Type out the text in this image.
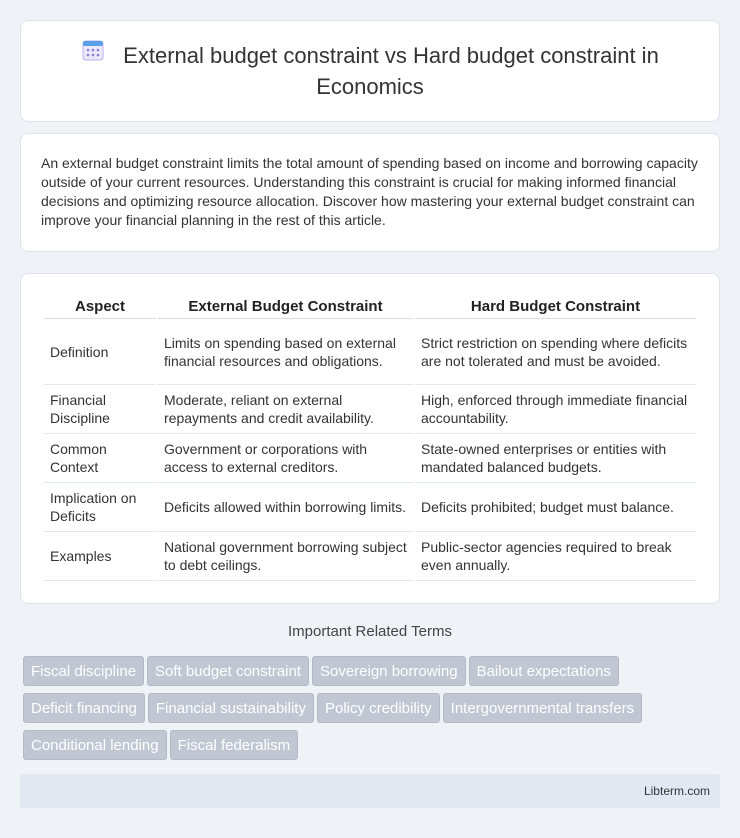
External budget constraint vs Hard budget constraint in Economics
An external budget constraint limits the total amount of spending based on income and borrowing capacity outside of your current resources. Understanding this constraint is crucial for making informed financial decisions and optimizing resource allocation. Discover how mastering your external budget constraint can improve your financial planning in the rest of this article.
Aspect	External Budget Constraint	Hard Budget Constraint
Definition	Limits on spending based on external financial resources and obligations.	Strict restriction on spending where deficits are not tolerated and must be avoided.
Financial Discipline	Moderate, reliant on external repayments and credit availability.	High, enforced through immediate financial accountability.
Common Context	Government or corporations with access to external creditors.	State-owned enterprises or entities with mandated balanced budgets.
Implication on Deficits	Deficits allowed within borrowing limits.	Deficits prohibited; budget must balance.
Examples	National government borrowing subject to debt ceilings.	Public-sector agencies required to break even annually.
Important Related Terms
Fiscal discipline Soft budget constraint Sovereign borrowing Bailout expectations
Deficit financing Financial sustainability Policy credibility Intergovernmental transfers
Conditional lending Fiscal federalism
Libterm.com
